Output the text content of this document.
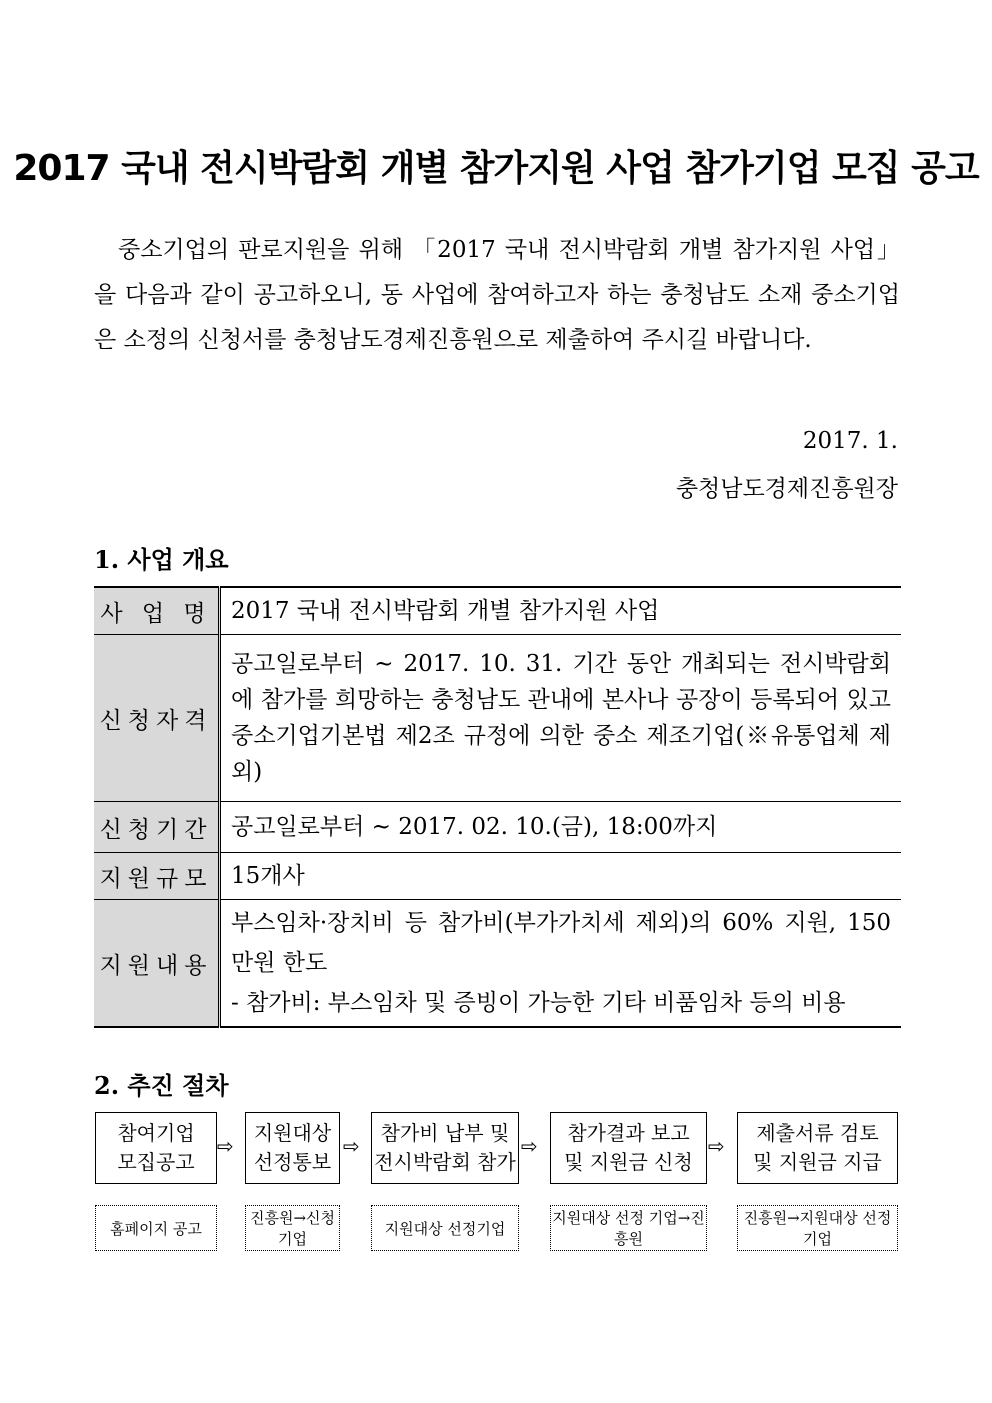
2017 국내 전시박람회 개별 참가지원 사업 참가기업 모집 공고

중소기업의 판로지원을 위해 「2017 국내 전시박람회 개별 참가지원 사업」을 다음과 같이 공고하오니, 동 사업에 참여하고자 하는 충청남도 소재 중소기업은 소정의 신청서를 충청남도경제진흥원으로 제출하여 주시길 바랍니다.

2017. 1.
충청남도경제진흥원장
1. 사업 개요
사 업 명	2017 국내 전시박람회 개별 참가지원 사업
신청자격	공고일로부터 ∼ 2017. 10. 31. 기간 동안 개최되는 전시박람회에 참가를 희망하는 충청남도 관내에 본사나 공장이 등록되어 있고 중소기업기본법 제2조 규정에 의한 중소 제조기업(※유통업체 제외)
신청기간	공고일로부터 ~ 2017. 02. 10.(금), 18:00까지
지원규모	15개사
지원내용	부스임차·장치비 등 참가비(부가가치세 제외)의 60% 지원, 150만원 한도
- 참가비: 부스임차 및 증빙이 가능한 기타 비품임차 등의 비용
2. 추진 절차
참여기업
모집공고
⇨
지원대상
선정통보
⇨
참가비 납부 및
전시박람회 참가
⇨
참가결과 보고
및 지원금 신청
⇨
제출서류 검토
및 지원금 지급
홈페이지 공고
진흥원→신청기업
지원대상 선정기업
지원대상 선정 기업→진흥원
진흥원→지원대상 선정 기업
